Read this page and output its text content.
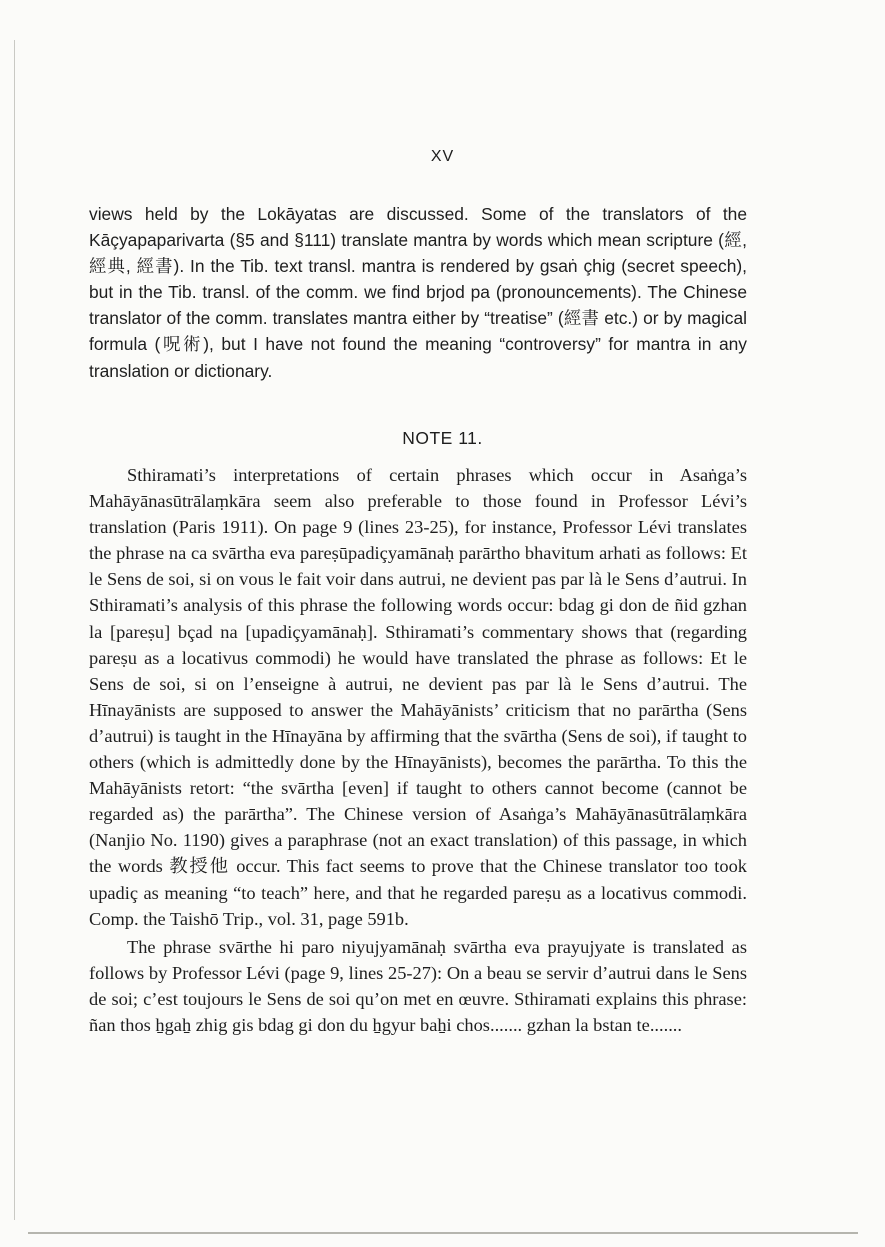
XV

views held by the Lokāyatas are discussed. Some of the translators of the Kāçyapaparivarta (§5 and §111) translate mantra by words which mean scripture (經, 經典, 經書). In the Tib. text transl. mantra is rendered by gsaṅ çhig (secret speech), but in the Tib. transl. of the comm. we find brjod pa (pronouncements). The Chinese translator of the comm. translates mantra either by “treatise” (經書 etc.) or by magical formula (呪術), but I have not found the meaning “controversy” for mantra in any translation or dictionary.

NOTE 11.

Sthiramati’s interpretations of certain phrases which occur in Asaṅga’s Mahāyānasūtrālaṃkāra seem also preferable to those found in Professor Lévi’s translation (Paris 1911). On page 9 (lines 23-25), for instance, Professor Lévi translates the phrase na ca svārtha eva pareṣūpadiçyamānaḥ parārtho bhavitum arhati as follows: Et le Sens de soi, si on vous le fait voir dans autrui, ne devient pas par là le Sens d’autrui. In Sthiramati’s analysis of this phrase the following words occur: bdag gi don de ñid gzhan la [pareṣu] bçad na [upadiçyamānaḥ]. Sthiramati’s commentary shows that (regarding pareṣu as a locativus commodi) he would have translated the phrase as follows: Et le Sens de soi, si on l’enseigne à autrui, ne devient pas par là le Sens d’autrui. The Hīnayānists are supposed to answer the Mahāyānists’ criticism that no parārtha (Sens d’autrui) is taught in the Hīnayāna by affirming that the svārtha (Sens de soi), if taught to others (which is admittedly done by the Hīnayānists), becomes the parārtha. To this the Mahāyānists retort: “the svārtha [even] if taught to others cannot become (cannot be regarded as) the parārtha”. The Chinese version of Asaṅga’s Mahāyānasūtrālaṃkāra (Nanjio No. 1190) gives a paraphrase (not an exact translation) of this passage, in which the words 教授他 occur. This fact seems to prove that the Chinese translator too took upadiç as meaning “to teach” here, and that he regarded pareṣu as a locativus commodi. Comp. the Taishō Trip., vol. 31, page 591b.

The phrase svārthe hi paro niyujyamānaḥ svārtha eva prayujyate is translated as follows by Professor Lévi (page 9, lines 25-27): On a beau se servir d’autrui dans le Sens de soi; c’est toujours le Sens de soi qu’on met en œuvre. Sthiramati explains this phrase: ñan thos ẖgaẖ zhig gis bdag gi don du ẖgyur baẖi chos....... gzhan la bstan te.......
